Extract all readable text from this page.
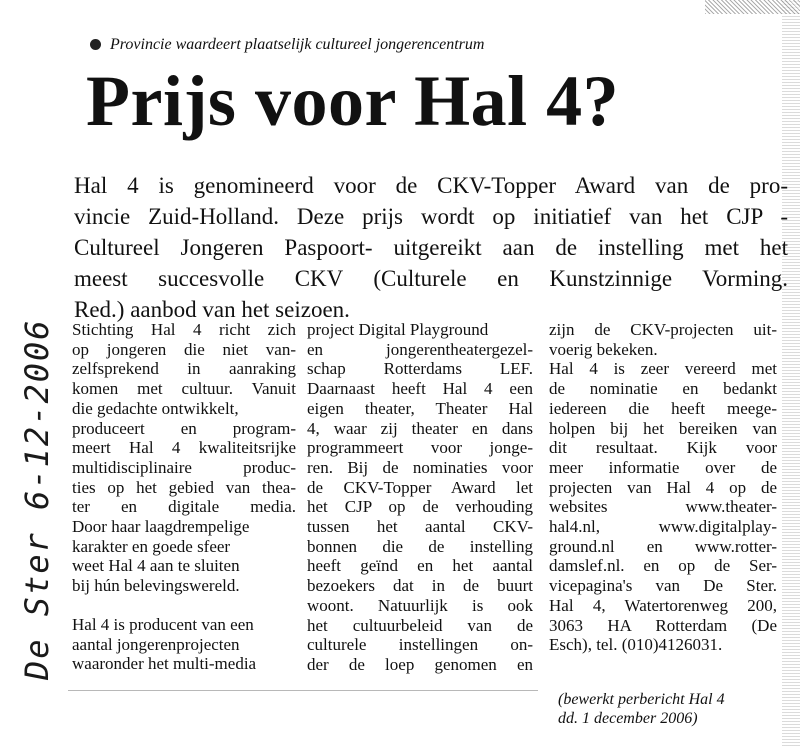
Provincie waardeert plaatselijk cultureel jongerencentrum
Prijs voor Hal 4?
Hal 4 is genomineerd voor de CKV-Topper Award van de pro-
vincie Zuid-Holland. Deze prijs wordt op initiatief van het CJP -
Cultureel Jongeren Paspoort- uitgereikt aan de instelling met het
meest succesvolle CKV (Culturele en Kunstzinnige Vorming.
Red.) aanbod van het seizoen.
Stichting Hal 4 richt zich
op jongeren die niet van-
zelfsprekend in aanraking
komen met cultuur. Vanuit
die gedachte ontwikkelt,
produceert en program-
meert Hal 4 kwaliteitsrijke
multidisciplinaire produc-
ties op het gebied van thea-
ter en digitale media.
Door haar laagdrempelige
karakter en goede sfeer
weet Hal 4 aan te sluiten
bij hún belevingswereld.
Hal 4 is producent van een
aantal jongerenprojecten
waaronder het multi-media
project Digital Playground
en jongerentheatergezel-
schap Rotterdams LEF.
Daarnaast heeft Hal 4 een
eigen theater, Theater Hal
4, waar zij theater en dans
programmeert voor jonge-
ren. Bij de nominaties voor
de CKV-Topper Award let
het CJP op de verhouding
tussen het aantal CKV-
bonnen die de instelling
heeft geïnd en het aantal
bezoekers dat in de buurt
woont. Natuurlijk is ook
het cultuurbeleid van de
culturele instellingen on-
der de loep genomen en
zijn de CKV-projecten uit-
voerig bekeken.
Hal 4 is zeer vereerd met
de nominatie en bedankt
iedereen die heeft meege-
holpen bij het bereiken van
dit resultaat. Kijk voor
meer informatie over de
projecten van Hal 4 op de
websites www.theater-
hal4.nl, www.digitalplay-
ground.nl en www.rotter-
damslef.nl. en op de Ser-
vicepagina's van De Ster.
Hal 4, Watertorenweg 200,
3063 HA Rotterdam (De
Esch), tel. (010)4126031.
(bewerkt perbericht Hal 4
dd. 1 december 2006)
De Ster 6-12-2006
